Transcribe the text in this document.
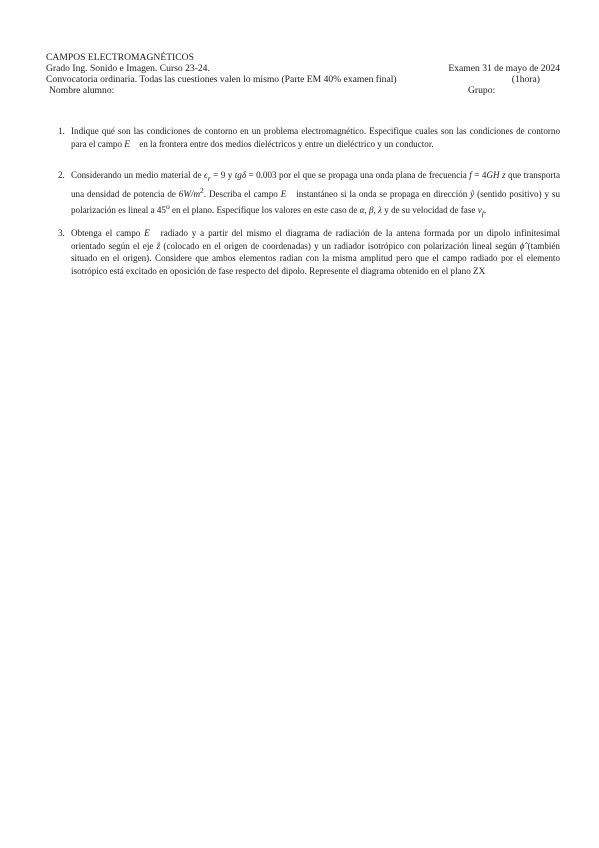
CAMPOS ELECTROMAGNÉTICOS
Grado Ing. Sonido e Imagen. Curso 23-24.	Examen 31 de mayo de 2024
Convocatoria ordinaria. Todas las cuestiones valen lo mismo (Parte EM 40% examen final)	(1hora)
Nombre alumno:	Grupo:
1. Indique qué son las condiciones de contorno en un problema electromagnético. Especifique cuales son las condiciones de contorno para el campo E⃗ en la frontera entre dos medios dieléctricos y entre un dieléctrico y un conductor.
2. Considerando un medio material de $\epsilon_r = 9$ y tgδ = 0.003 por el que se propaga una onda plana de frecuencia f = 4GH z que transporta una densidad de potencia de $6W/m^2$. Describa el campo E⃗ instantáneo si la onda se propaga en dirección ŷ (sentido positivo) y su polarización es lineal a 45$^o$ en el plano. Especifique los valores en este caso de α, β, λ y de su velocidad de fase $v_f$.
3. Obtenga el campo E⃗ radiado y a partir del mismo el diagrama de radiación de la antena formada por un dipolo infinitesimal orientado según el eje ẑ (colocado en el origen de coordenadas) y un radiador isotrópico con polarización lineal según ϕ̂ (también situado en el origen). Considere que ambos elementos radian con la misma amplitud pero que el campo radiado por el elemento isotrópico está excitado en oposición de fase respecto del dipolo. Represente el diagrama obtenido en el plano ZX
